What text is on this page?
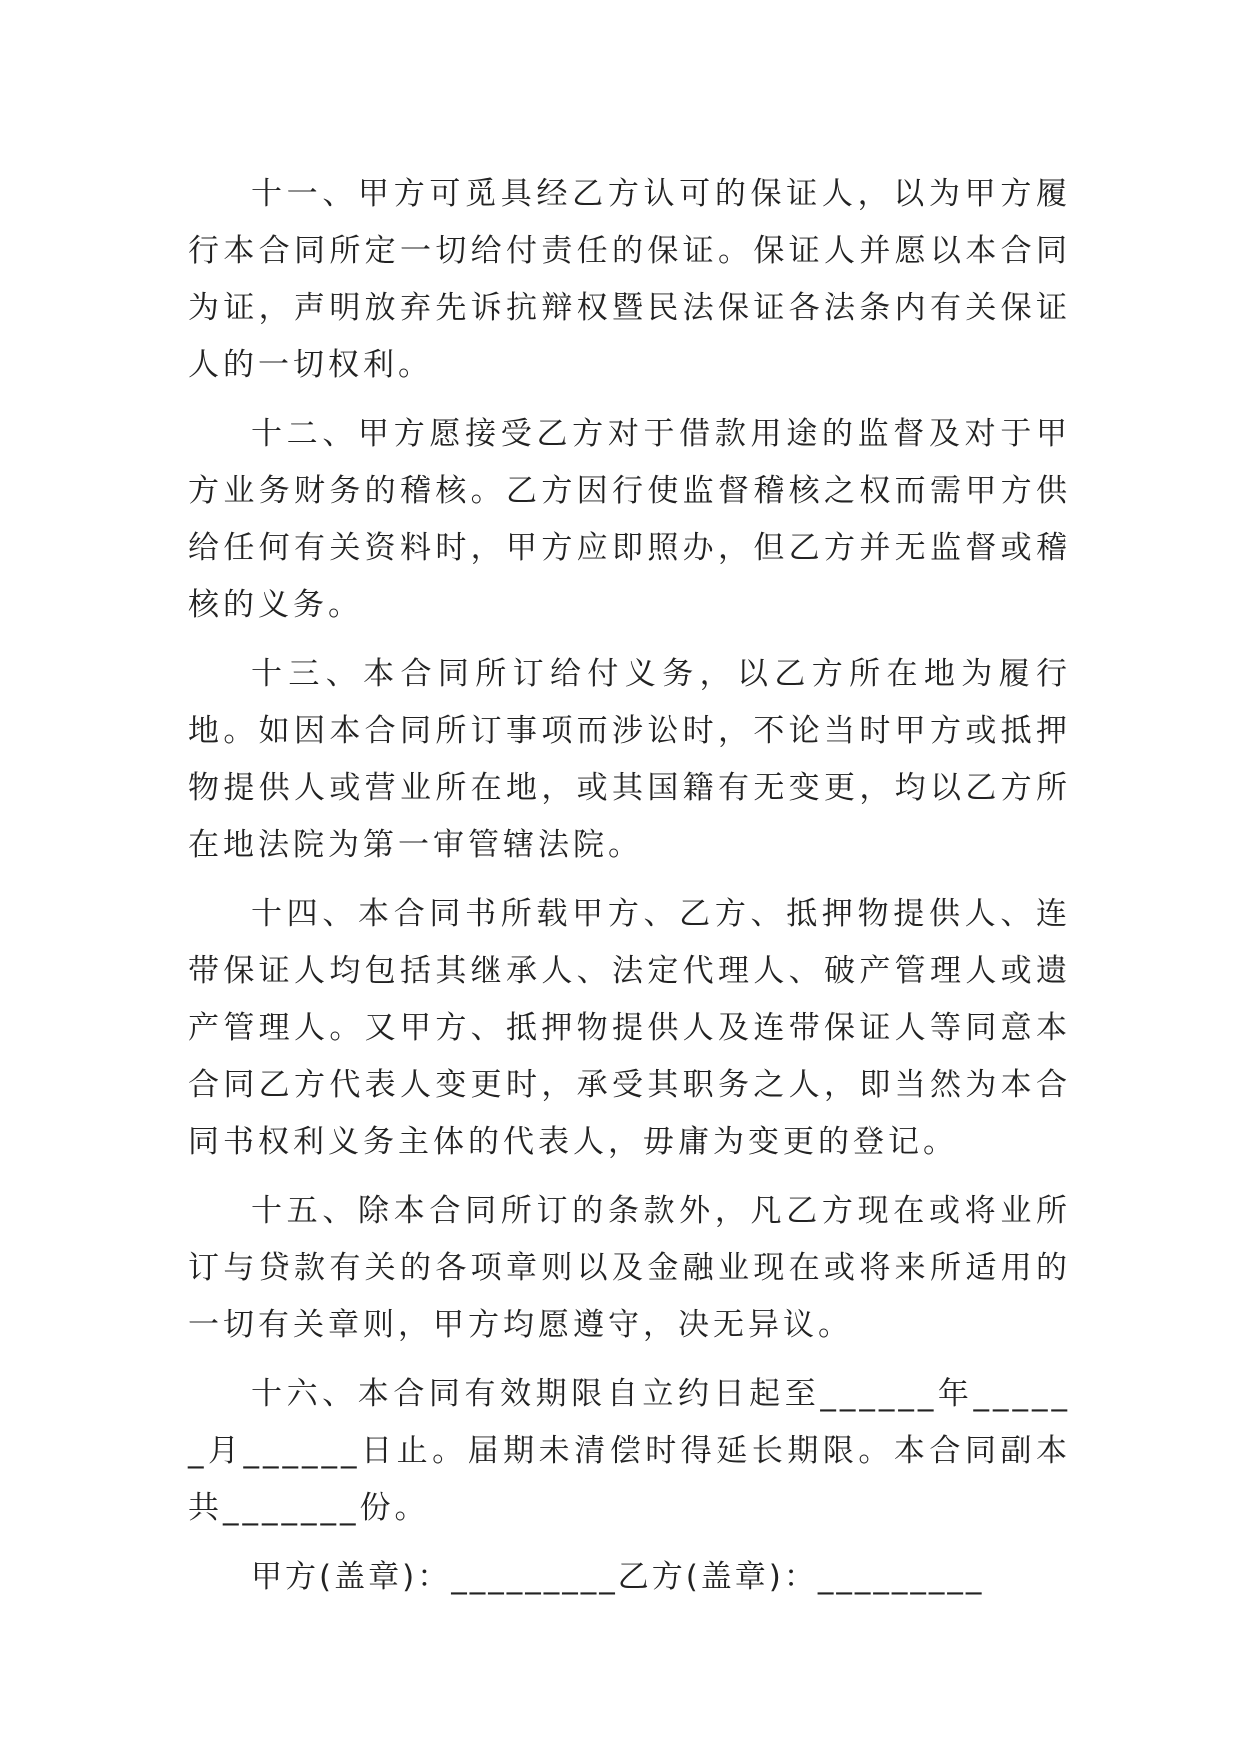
十一、甲方可觅具经乙方认可的保证人，以为甲方履行本合同所定一切给付责任的保证。保证人并愿以本合同为证，声明放弃先诉抗辩权暨民法保证各法条内有关保证人的一切权利。

十二、甲方愿接受乙方对于借款用途的监督及对于甲方业务财务的稽核。乙方因行使监督稽核之权而需甲方供给任何有关资料时，甲方应即照办，但乙方并无监督或稽核的义务。

十三、本合同所订给付义务，以乙方所在地为履行地。如因本合同所订事项而涉讼时，不论当时甲方或抵押物提供人或营业所在地，或其国籍有无变更，均以乙方所在地法院为第一审管辖法院。

十四、本合同书所载甲方、乙方、抵押物提供人、连带保证人均包括其继承人、法定代理人、破产管理人或遗产管理人。又甲方、抵押物提供人及连带保证人等同意本合同乙方代表人变更时，承受其职务之人，即当然为本合同书权利义务主体的代表人，毋庸为变更的登记。

十五、除本合同所订的条款外，凡乙方现在或将业所订与贷款有关的各项章则以及金融业现在或将来所适用的一切有关章则，甲方均愿遵守，决无异议。

十六、本合同有效期限自立约日起至______年______月______日止。届期未清偿时得延长期限。本合同副本共_______份。

甲方(盖章)：_________乙方(盖章)：_________
